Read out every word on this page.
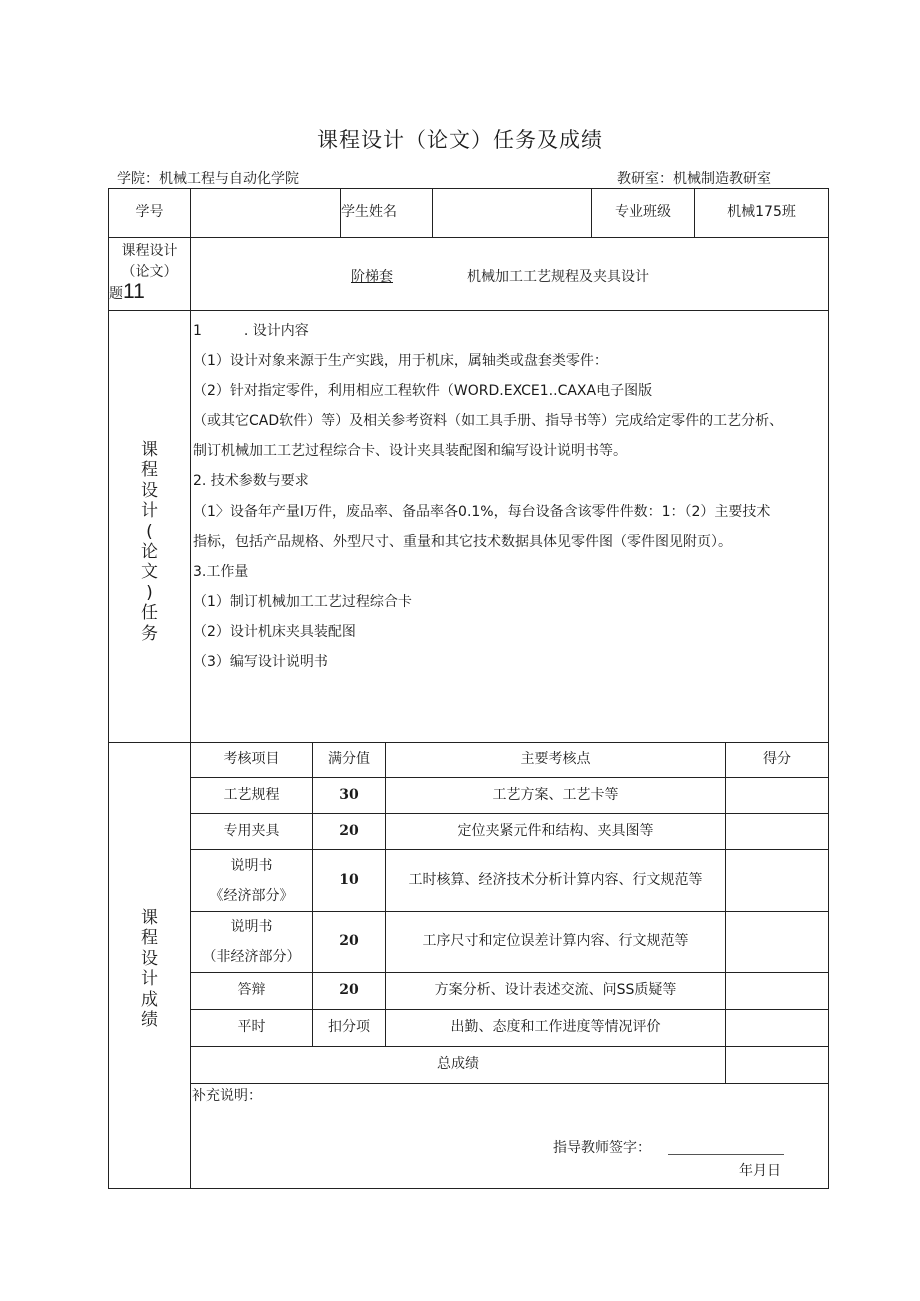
课程设计（论文）任务及成绩
学院：机械工程与自动化学院	教研室：机械制造教研室
学号	学生姓名	专业班级	机械175班
课程设计
（论文）
题11
阶梯套	机械加工工艺规程及夹具设计
课
程
设
计
(
论
文
)
任
务
1　　　. 设计内容
（1）设计对象来源于生产实践，用于机床，属轴类或盘套类零件：
（2）针对指定零件，利用相应工程软件（WORD.EXCE1..CAXA电子图版
（或其它CAD软件）等）及相关参考资料（如工具手册、指导书等）完成给定零件的工艺分析、
制订机械加工工艺过程综合卡、设计夹具装配图和编写设计说明书等。
2. 技术参数与要求
（1〉设备年产量I万件，废品率、备品率各0.1%，每台设备含该零件件数：1：（2）主要技术
指标，包括产品规格、外型尺寸、重量和其它技术数据具体见零件图（零件图见附页）。
3.工作量
（1）制订机械加工工艺过程综合卡
（2）设计机床夹具装配图
（3）编写设计说明书
课
程
设
计
成
绩
考核项目	满分值	主要考核点	得分
工艺规程	30	工艺方案、工艺卡等
专用夹具	20	定位夹紧元件和结构、夹具图等
说明书
《经济部分》
10	工时核算、经济技术分析计算内容、行文规范等
说明书
（非经济部分）
20	工序尺寸和定位误差计算内容、行文规范等
答辩	20	方案分析、设计表述交流、问SS质疑等
平时	扣分项	出勤、态度和工作进度等情况评价
总成绩
补充说明：
指导教师签字：
年月日
